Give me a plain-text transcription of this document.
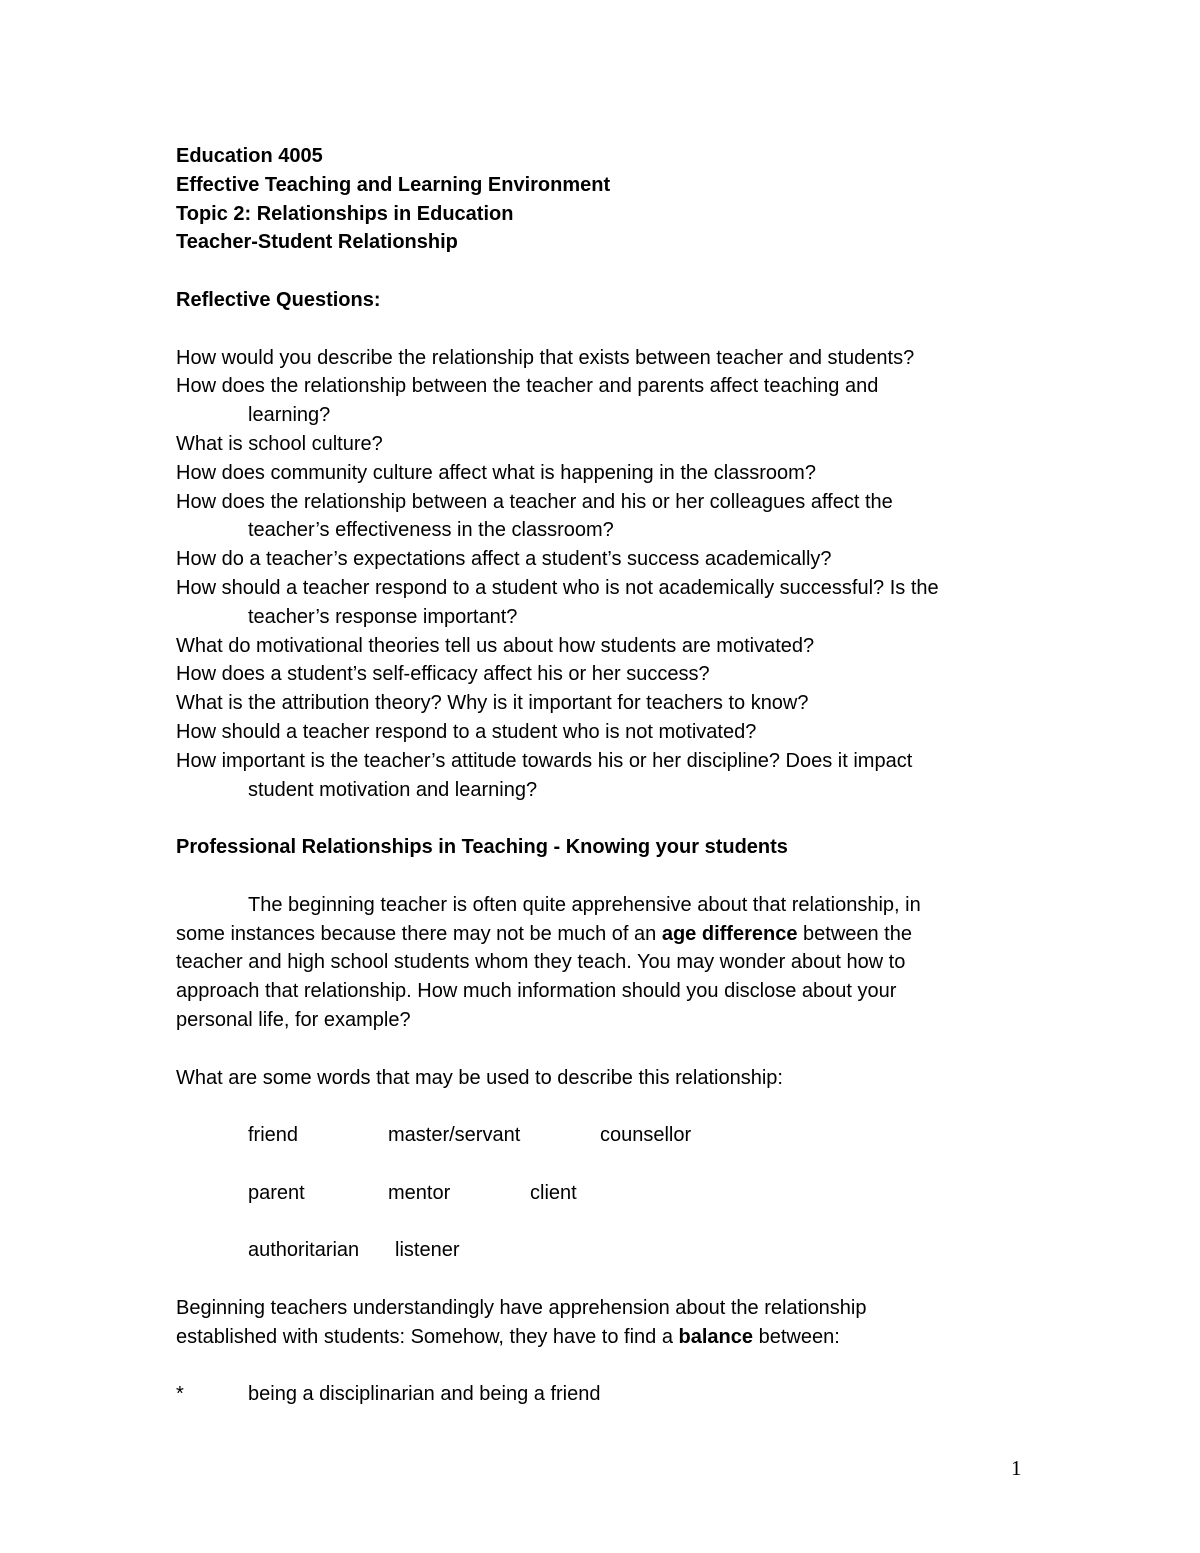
Education 4005
Effective Teaching and Learning Environment
Topic 2: Relationships in Education
Teacher-Student Relationship
Reflective Questions:
How would you describe the relationship that exists between teacher and students?
How does the relationship between the teacher and parents affect teaching and
learning?
What is school culture?
How does community culture affect what is happening in the classroom?
How does the relationship between a teacher and his or her colleagues affect the
teacher’s effectiveness in the classroom?
How do a teacher’s expectations affect a student’s success academically?
How should a teacher respond to a student who is not academically successful? Is the
teacher’s response important?
What do motivational theories tell us about how students are motivated?
How does a student’s self-efficacy affect his or her success?
What is the attribution theory? Why is it important for teachers to know?
How should a teacher respond to a student who is not motivated?
How important is the teacher’s attitude towards his or her discipline? Does it impact
student motivation and learning?
Professional Relationships in Teaching - Knowing your students
The beginning teacher is often quite apprehensive about that relationship, in
some instances because there may not be much of an age difference between the
teacher and high school students whom they teach. You may wonder about how to
approach that relationship. How much information should you disclose about your
personal life, for example?
What are some words that may be used to describe this relationship:
friend	master/servant	counsellor
parent	mentor	client
authoritarian listener
Beginning teachers understandingly have apprehension about the relationship
established with students: Somehow, they have to find a balance between:
*	being a disciplinarian and being a friend
1
